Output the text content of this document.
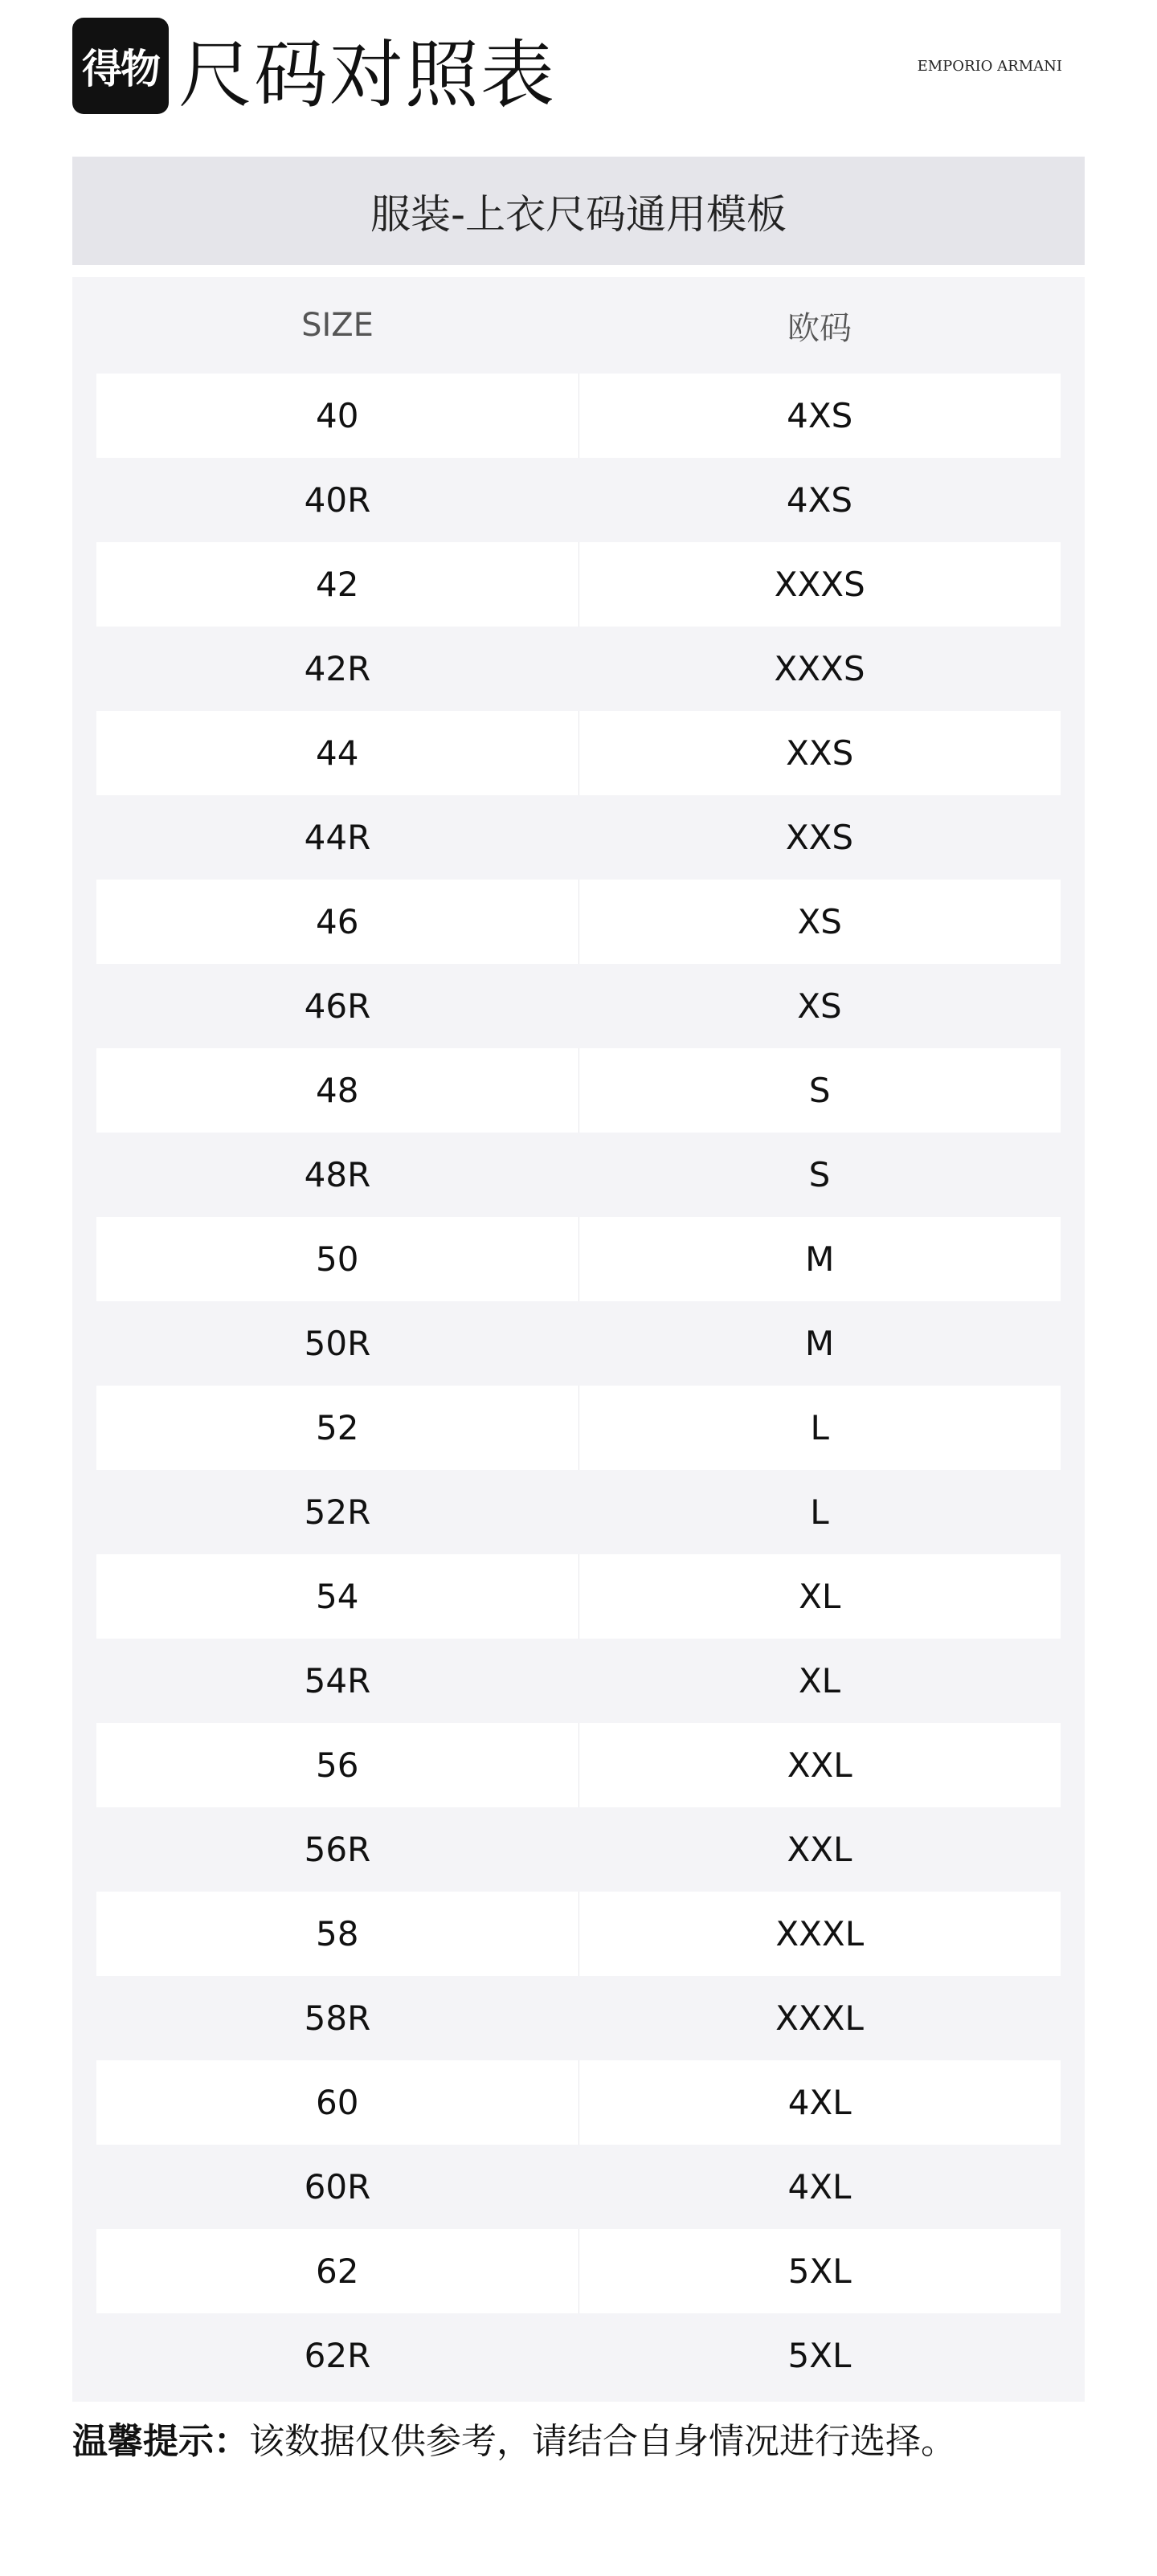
得物 尺码对照表	EMPORIO ARMANI
服装-上衣尺码通用模板
SIZE	欧码
40	4XS
40R	4XS
42	XXXS
42R	XXXS
44	XXS
44R	XXS
46	XS
46R	XS
48	S
48R	S
50	M
50R	M
52	L
52R	L
54	XL
54R	XL
56	XXL
56R	XXL
58	XXXL
58R	XXXL
60	4XL
60R	4XL
62	5XL
62R	5XL
温馨提示：该数据仅供参考，请结合自身情况进行选择。
